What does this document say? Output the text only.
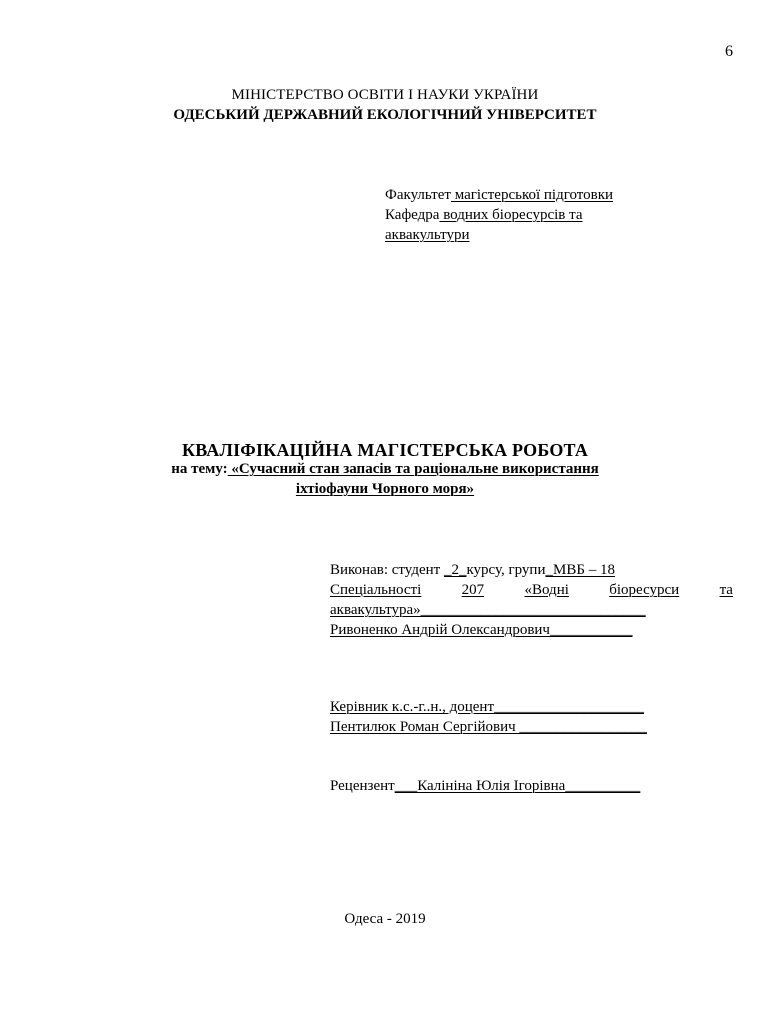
6
МІНІСТЕРСТВО ОСВІТИ І НАУКИ УКРАЇНИ
ОДЕСЬКИЙ ДЕРЖАВНИЙ ЕКОЛОГІЧНИЙ УНІВЕРСИТЕТ
Факультет магістерської підготовки
Кафедра водних біоресурсів та
аквакультури
КВАЛІФІКАЦІЙНА МАГІСТЕРСЬКА РОБОТА
на тему: «Сучасний стан запасів та раціональне використання
іхтіофауни Чорного моря»
Виконав: студент _2_курсу, групи_МВБ – 18
Спеціальності	207	«Водні	біоресурси	та
аквакультура»______________________________
Ривоненко Андрій Олександрович___________
Керівник к.с.-г..н., доцент____________________
Пентилюк Роман Сергійович _________________
Рецензент___Калініна Юлія Ігорівна__________
Одеса - 2019
